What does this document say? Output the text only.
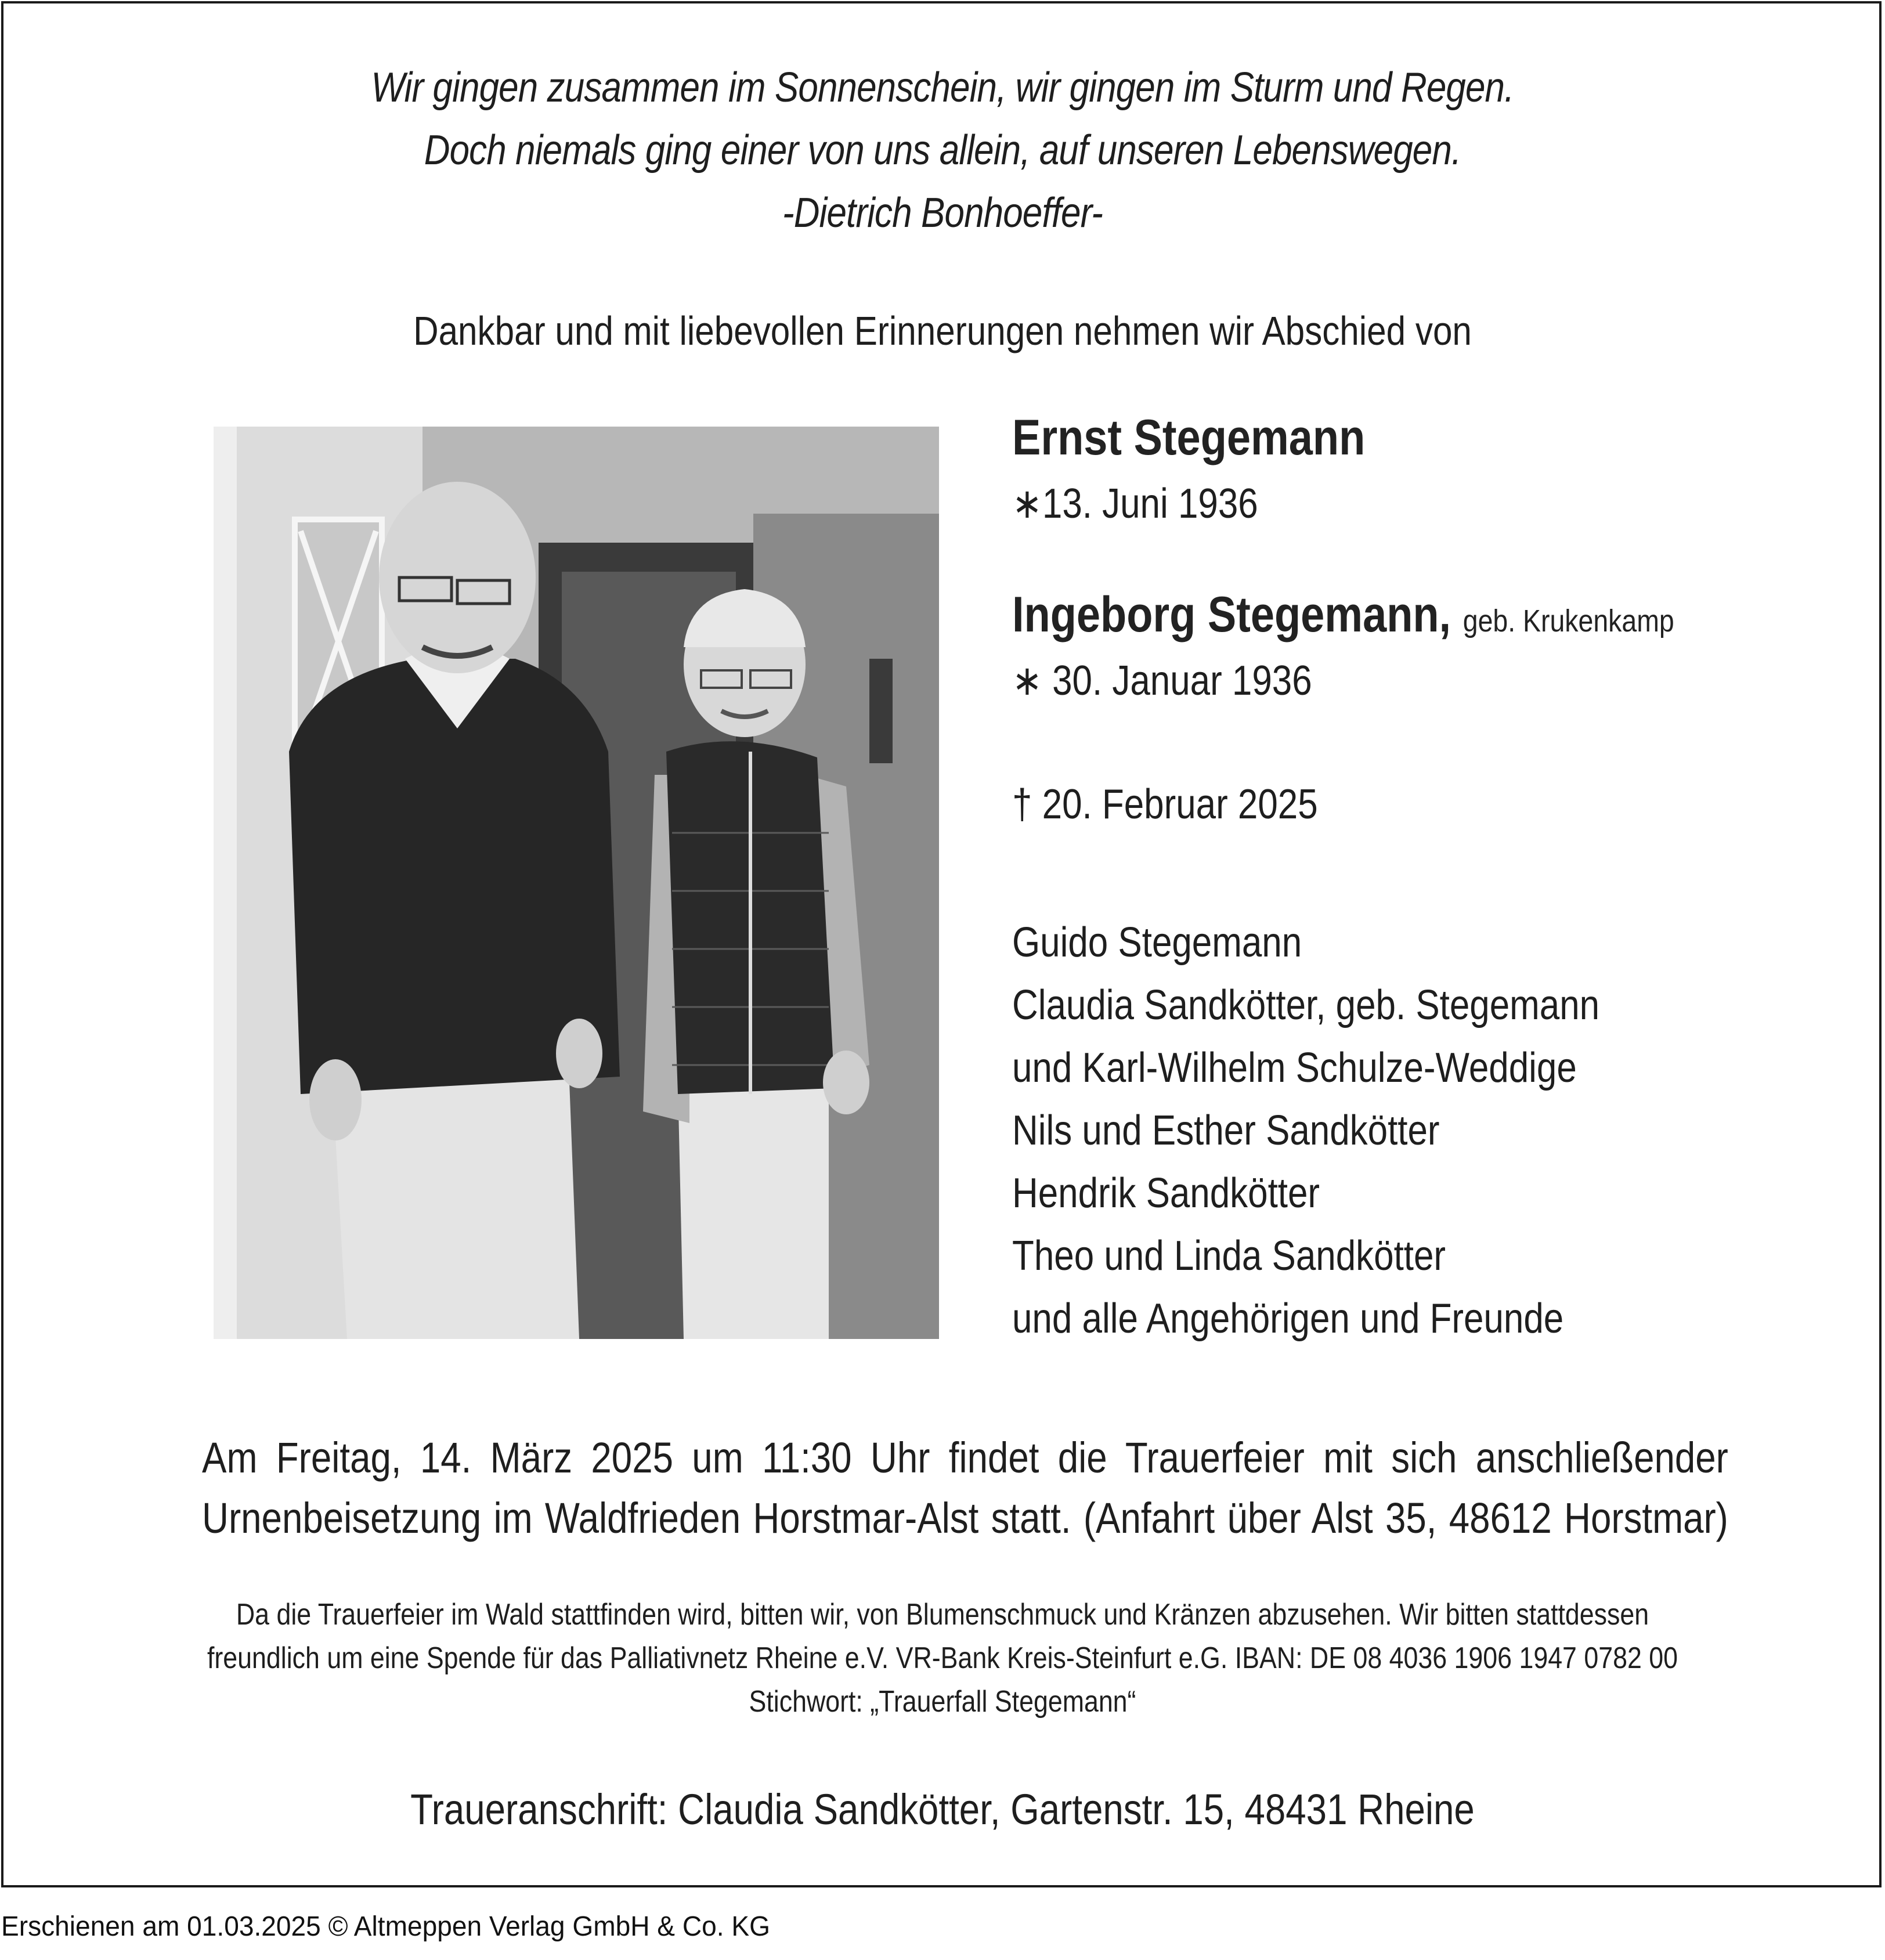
Wir gingen zusammen im Sonnenschein, wir gingen im Sturm und Regen.
Doch niemals ging einer von uns allein, auf unseren Lebenswegen.
-Dietrich Bonhoeffer-
Dankbar und mit liebevollen Erinnerungen nehmen wir Abschied von
Ernst Stegemann
∗13. Juni 1936
Ingeborg Stegemann, geb. Krukenkamp
∗ 30. Januar 1936
† 20. Februar 2025
Guido Stegemann
Claudia Sandkötter, geb. Stegemann
und Karl-Wilhelm Schulze-Weddige
Nils und Esther Sandkötter
Hendrik Sandkötter
Theo und Linda Sandkötter
und alle Angehörigen und Freunde
Am Freitag, 14. März 2025 um 11:30 Uhr findet die Trauerfeier mit sich anschließender
Urnenbeisetzung im Waldfrieden Horstmar-Alst statt. (Anfahrt über Alst 35, 48612 Horstmar)
Da die Trauerfeier im Wald stattfinden wird, bitten wir, von Blumenschmuck und Kränzen abzusehen. Wir bitten stattdessen
freundlich um eine Spende für das Palliativnetz Rheine e.V. VR-Bank Kreis-Steinfurt e.G. IBAN: DE 08 4036 1906 1947 0782 00
Stichwort: „Trauerfall Stegemann“
Traueranschrift: Claudia Sandkötter, Gartenstr. 15, 48431 Rheine
Erschienen am 01.03.2025 © Altmeppen Verlag GmbH & Co. KG
